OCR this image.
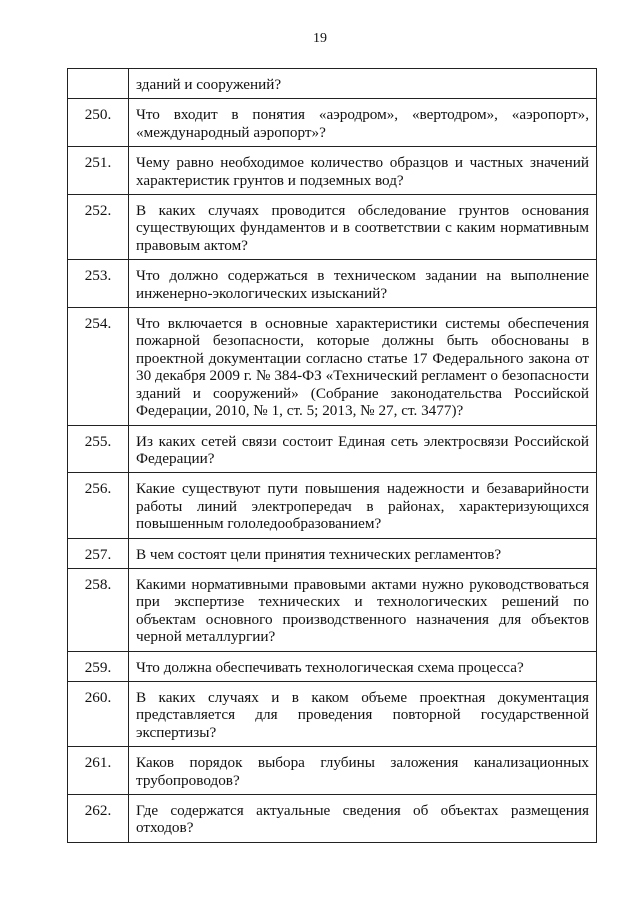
19
	зданий и сооружений?
250.	Что входит в понятия «аэродром», «вертодром», «аэропорт», «международный аэропорт»?
251.	Чему равно необходимое количество образцов и частных значений характеристик грунтов и подземных вод?
252.	В каких случаях проводится обследование грунтов основания существующих фундаментов и в соответствии с каким нормативным правовым актом?
253.	Что должно содержаться в техническом задании на выполнение инженерно-экологических изысканий?
254.	Что включается в основные характеристики системы обеспечения пожарной безопасности, которые должны быть обоснованы в проектной документации согласно статье 17 Федерального закона от 30 декабря 2009 г. № 384-ФЗ «Технический регламент о безопасности зданий и сооружений» (Собрание законодательства Российской Федерации, 2010, № 1, ст. 5; 2013, № 27, ст. 3477)?
255.	Из каких сетей связи состоит Единая сеть электросвязи Российской Федерации?
256.	Какие существуют пути повышения надежности и безаварийности работы линий электропередач в районах, характеризующихся повышенным гололедообразованием?
257.	В чем состоят цели принятия технических регламентов?
258.	Какими нормативными правовыми актами нужно руководствоваться при экспертизе технических и технологических решений по объектам основного производственного назначения для объектов черной металлургии?
259.	Что должна обеспечивать технологическая схема процесса?
260.	В каких случаях и в каком объеме проектная документация представляется для проведения повторной государственной экспертизы?
261.	Каков порядок выбора глубины заложения канализационных трубопроводов?
262.	Где содержатся актуальные сведения об объектах размещения отходов?
